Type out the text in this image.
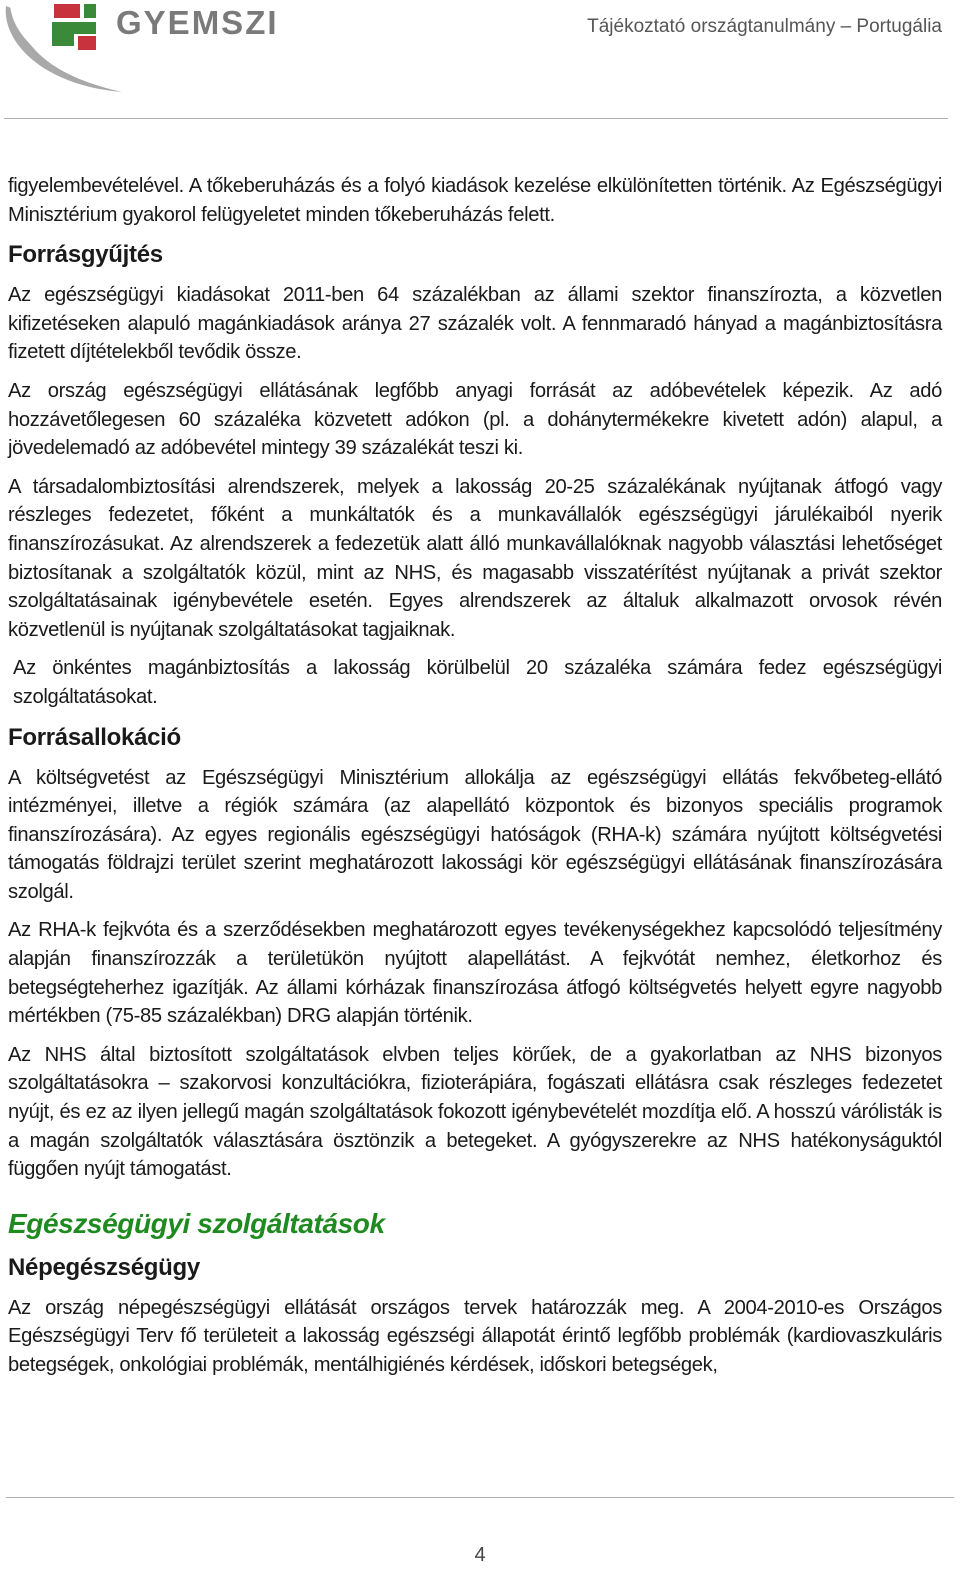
GYEMSZI	Tájékoztató országtanulmány – Portugália

figyelembevételével. A tőkeberuházás és a folyó kiadások kezelése elkülönítetten történik. Az Egészségügyi Minisztérium gyakorol felügyeletet minden tőkeberuházás felett.

Forrásgyűjtés

Az egészségügyi kiadásokat 2011-ben 64 százalékban az állami szektor finanszírozta, a közvetlen kifizetéseken alapuló magánkiadások aránya 27 százalék volt. A fennmaradó hányad a magánbiztosításra fizetett díjtételekből tevődik össze.

Az ország egészségügyi ellátásának legfőbb anyagi forrását az adóbevételek képezik. Az adó hozzávetőlegesen 60 százaléka közvetett adókon (pl. a dohánytermékekre kivetett adón) alapul, a jövedelemadó az adóbevétel mintegy 39 százalékát teszi ki.

A társadalombiztosítási alrendszerek, melyek a lakosság 20-25 százalékának nyújtanak átfogó vagy részleges fedezetet, főként a munkáltatók és a munkavállalók egészségügyi járulékaiból nyerik finanszírozásukat. Az alrendszerek a fedezetük alatt álló munkavállalóknak nagyobb választási lehetőséget biztosítanak a szolgáltatók közül, mint az NHS, és magasabb visszatérítést nyújtanak a privát szektor szolgáltatásainak igénybevétele esetén. Egyes alrendszerek az általuk alkalmazott orvosok révén közvetlenül is nyújtanak szolgáltatásokat tagjaiknak.

Az önkéntes magánbiztosítás a lakosság körülbelül 20 százaléka számára fedez egészségügyi szolgáltatásokat.

Forrásallokáció

A költségvetést az Egészségügyi Minisztérium allokálja az egészségügyi ellátás fekvőbeteg-ellátó intézményei, illetve a régiók számára (az alapellátó központok és bizonyos speciális programok finanszírozására). Az egyes regionális egészségügyi hatóságok (RHA-k) számára nyújtott költségvetési támogatás földrajzi terület szerint meghatározott lakossági kör egészségügyi ellátásának finanszírozására szolgál.

Az RHA-k fejkvóta és a szerződésekben meghatározott egyes tevékenységekhez kapcsolódó teljesítmény alapján finanszírozzák a területükön nyújtott alapellátást. A fejkvótát nemhez, életkorhoz és betegségteherhez igazítják. Az állami kórházak finanszírozása átfogó költségvetés helyett egyre nagyobb mértékben (75-85 százalékban) DRG alapján történik.

Az NHS által biztosított szolgáltatások elvben teljes körűek, de a gyakorlatban az NHS bizonyos szolgáltatásokra – szakorvosi konzultációkra, fizioterápiára, fogászati ellátásra csak részleges fedezetet nyújt, és ez az ilyen jellegű magán szolgáltatások fokozott igénybevételét mozdítja elő. A hosszú várólisták is a magán szolgáltatók választására ösztönzik a betegeket. A gyógyszerekre az NHS hatékonyságuktól függően nyújt támogatást.

Egészségügyi szolgáltatások
Népegészségügy

Az ország népegészségügyi ellátását országos tervek határozzák meg. A 2004-2010-es Országos Egészségügyi Terv fő területeit a lakosság egészségi állapotát érintő legfőbb problémák (kardiovaszkuláris betegségek, onkológiai problémák, mentálhigiénés kérdések, időskori betegségek,

4
